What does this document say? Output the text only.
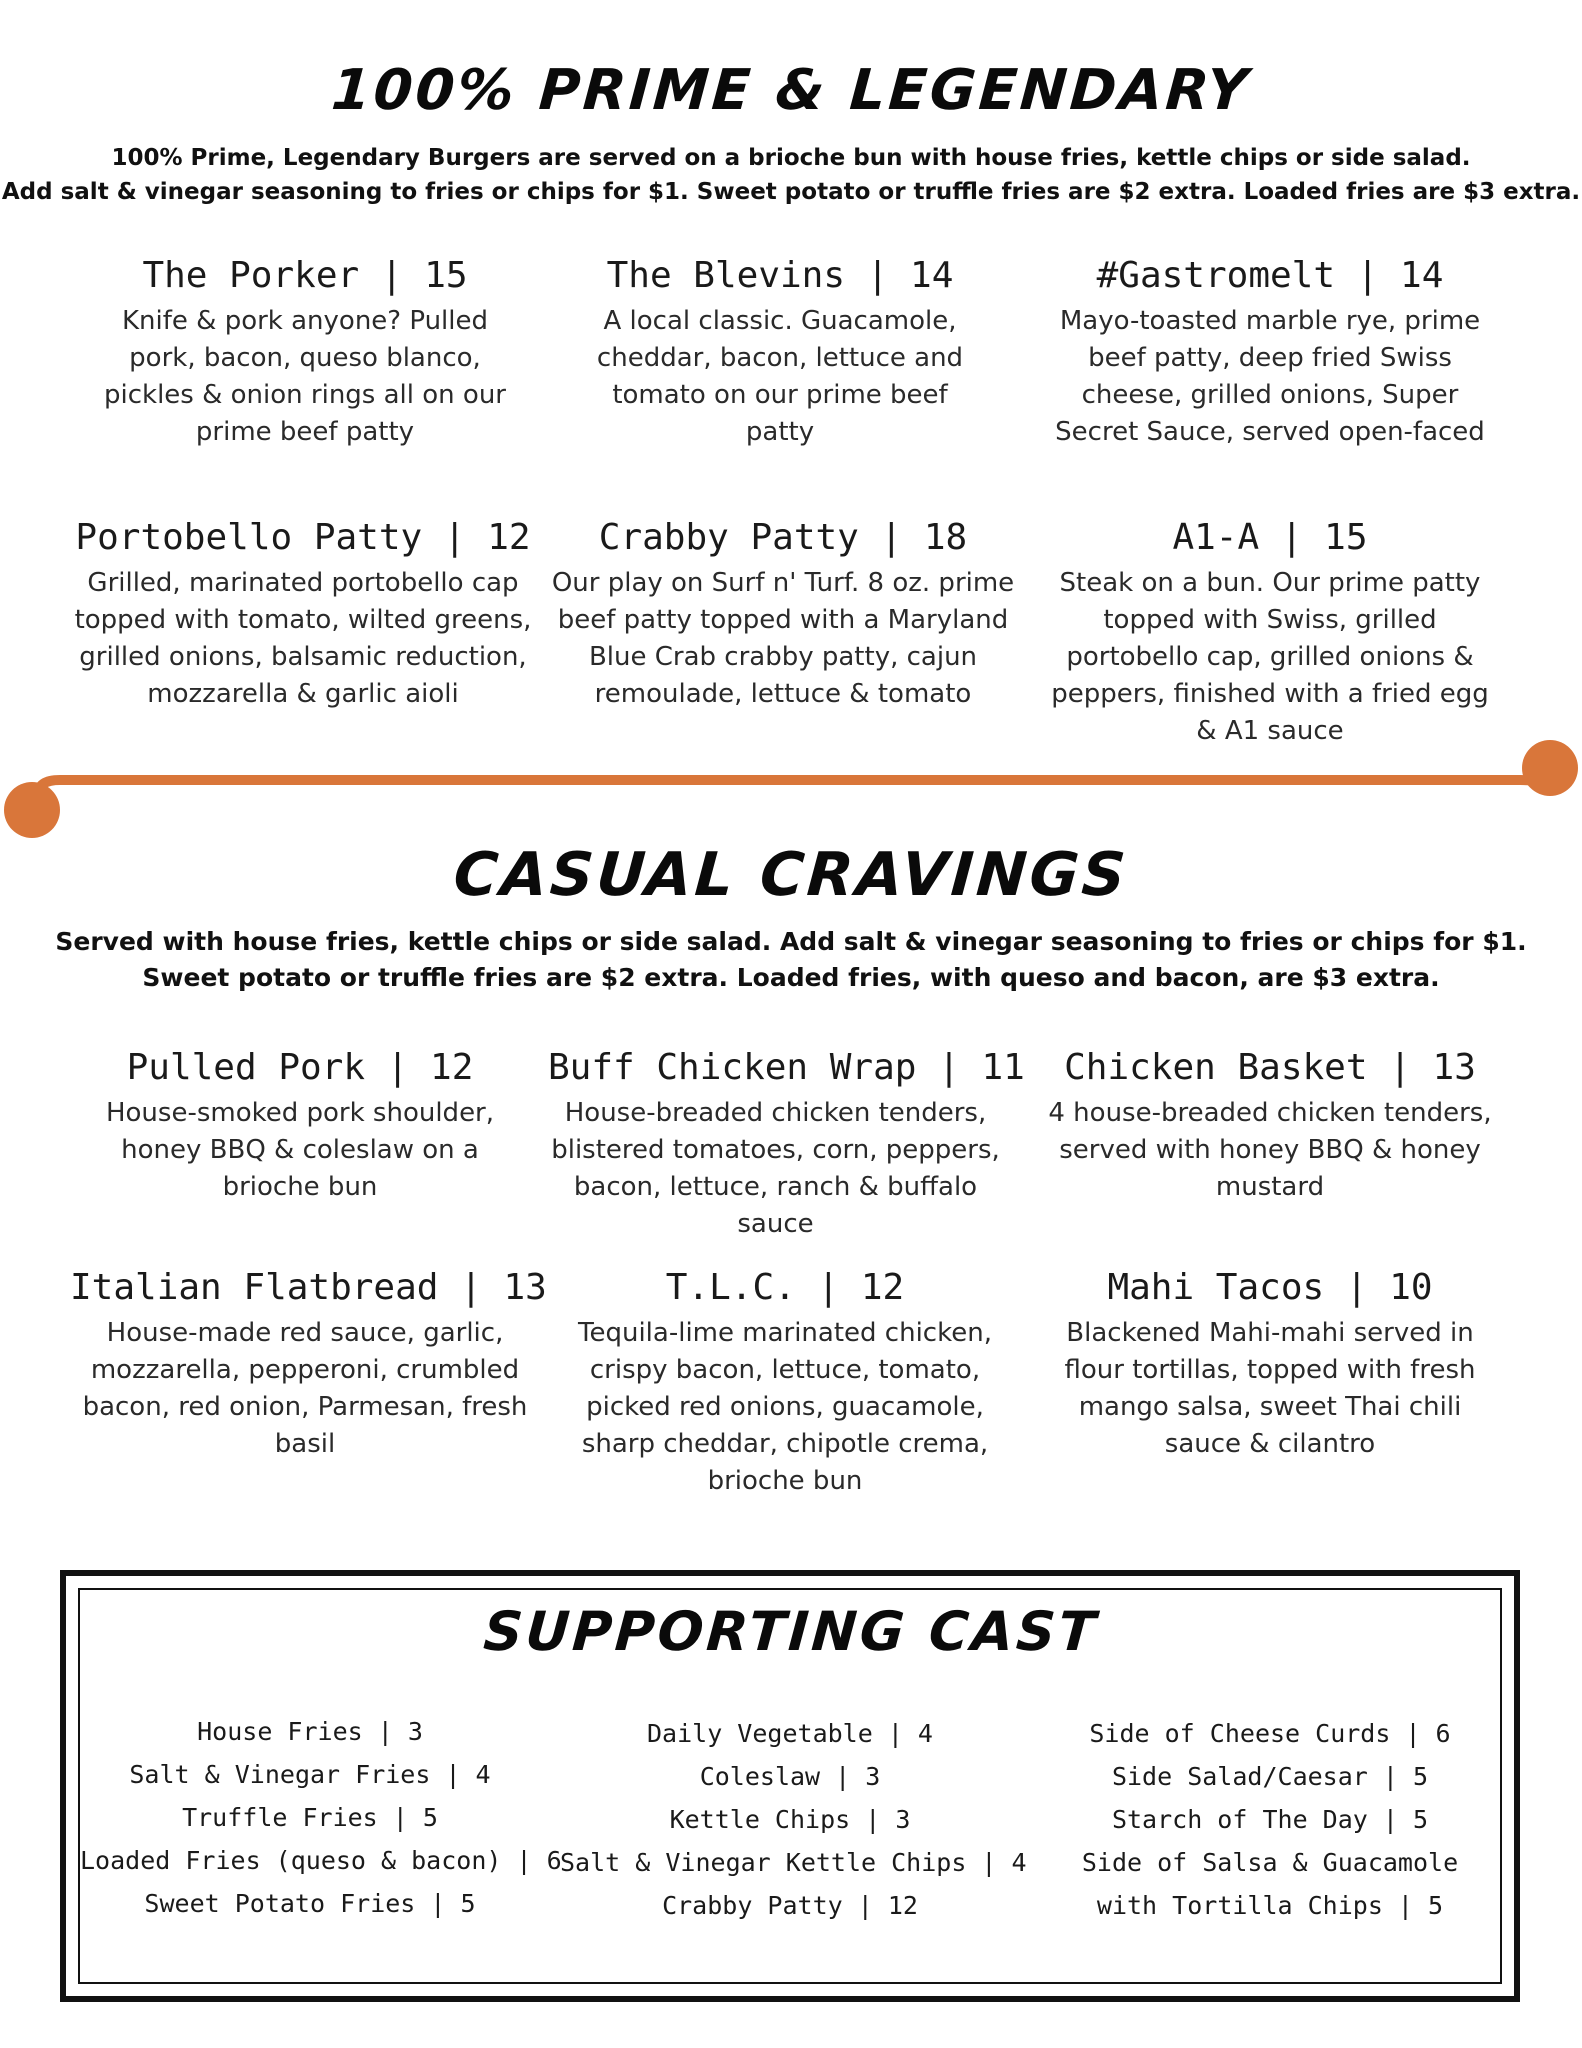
100% PRIME & LEGENDARY

100% Prime, Legendary Burgers are served on a brioche bun with house fries, kettle chips or side salad.

Add salt & vinegar seasoning to fries or chips for $1. Sweet potato or truffle fries are $2 extra. Loaded fries are $3 extra.

The Porker | 15
Knife & pork anyone? Pulled pork, bacon, queso blanco, pickles & onion rings all on our prime beef patty
The Blevins | 14
A local classic. Guacamole, cheddar, bacon, lettuce and tomato on our prime beef patty
#Gastromelt | 14
Mayo-toasted marble rye, prime beef patty, deep fried Swiss cheese, grilled onions, Super Secret Sauce, served open-faced
Portobello Patty | 12
Grilled, marinated portobello cap topped with tomato, wilted greens, grilled onions, balsamic reduction, mozzarella & garlic aioli
Crabby Patty | 18
Our play on Surf n' Turf. 8 oz. prime beef patty topped with a Maryland Blue Crab crabby patty, cajun remoulade, lettuce & tomato
A1-A | 15
Steak on a bun. Our prime patty topped with Swiss, grilled portobello cap, grilled onions & peppers, finished with a fried egg & A1 sauce
CASUAL CRAVINGS

Served with house fries, kettle chips or side salad. Add salt & vinegar seasoning to fries or chips for $1.

Sweet potato or truffle fries are $2 extra. Loaded fries, with queso and bacon, are $3 extra.

Pulled Pork | 12
House-smoked pork shoulder, honey BBQ & coleslaw on a brioche bun
Buff Chicken Wrap | 11
House-breaded chicken tenders, blistered tomatoes, corn, peppers, bacon, lettuce, ranch & buffalo sauce
Chicken Basket | 13
4 house-breaded chicken tenders, served with honey BBQ & honey mustard
Italian Flatbread | 13
House-made red sauce, garlic, mozzarella, pepperoni, crumbled bacon, red onion, Parmesan, fresh basil
T.L.C. | 12
Tequila-lime marinated chicken, crispy bacon, lettuce, tomato, picked red onions, guacamole, sharp cheddar, chipotle crema, brioche bun
Mahi Tacos | 10
Blackened Mahi-mahi served in flour tortillas, topped with fresh mango salsa, sweet Thai chili sauce & cilantro
SUPPORTING CAST
House Fries | 3
Salt & Vinegar Fries | 4
Truffle Fries | 5
Loaded Fries (queso & bacon) | 6
Sweet Potato Fries | 5
Daily Vegetable | 4
Coleslaw | 3
Kettle Chips | 3
Salt & Vinegar Kettle Chips | 4
Crabby Patty | 12
Side of Cheese Curds | 6
Side Salad/Caesar | 5
Starch of The Day | 5
Side of Salsa & Guacamole
with Tortilla Chips | 5
